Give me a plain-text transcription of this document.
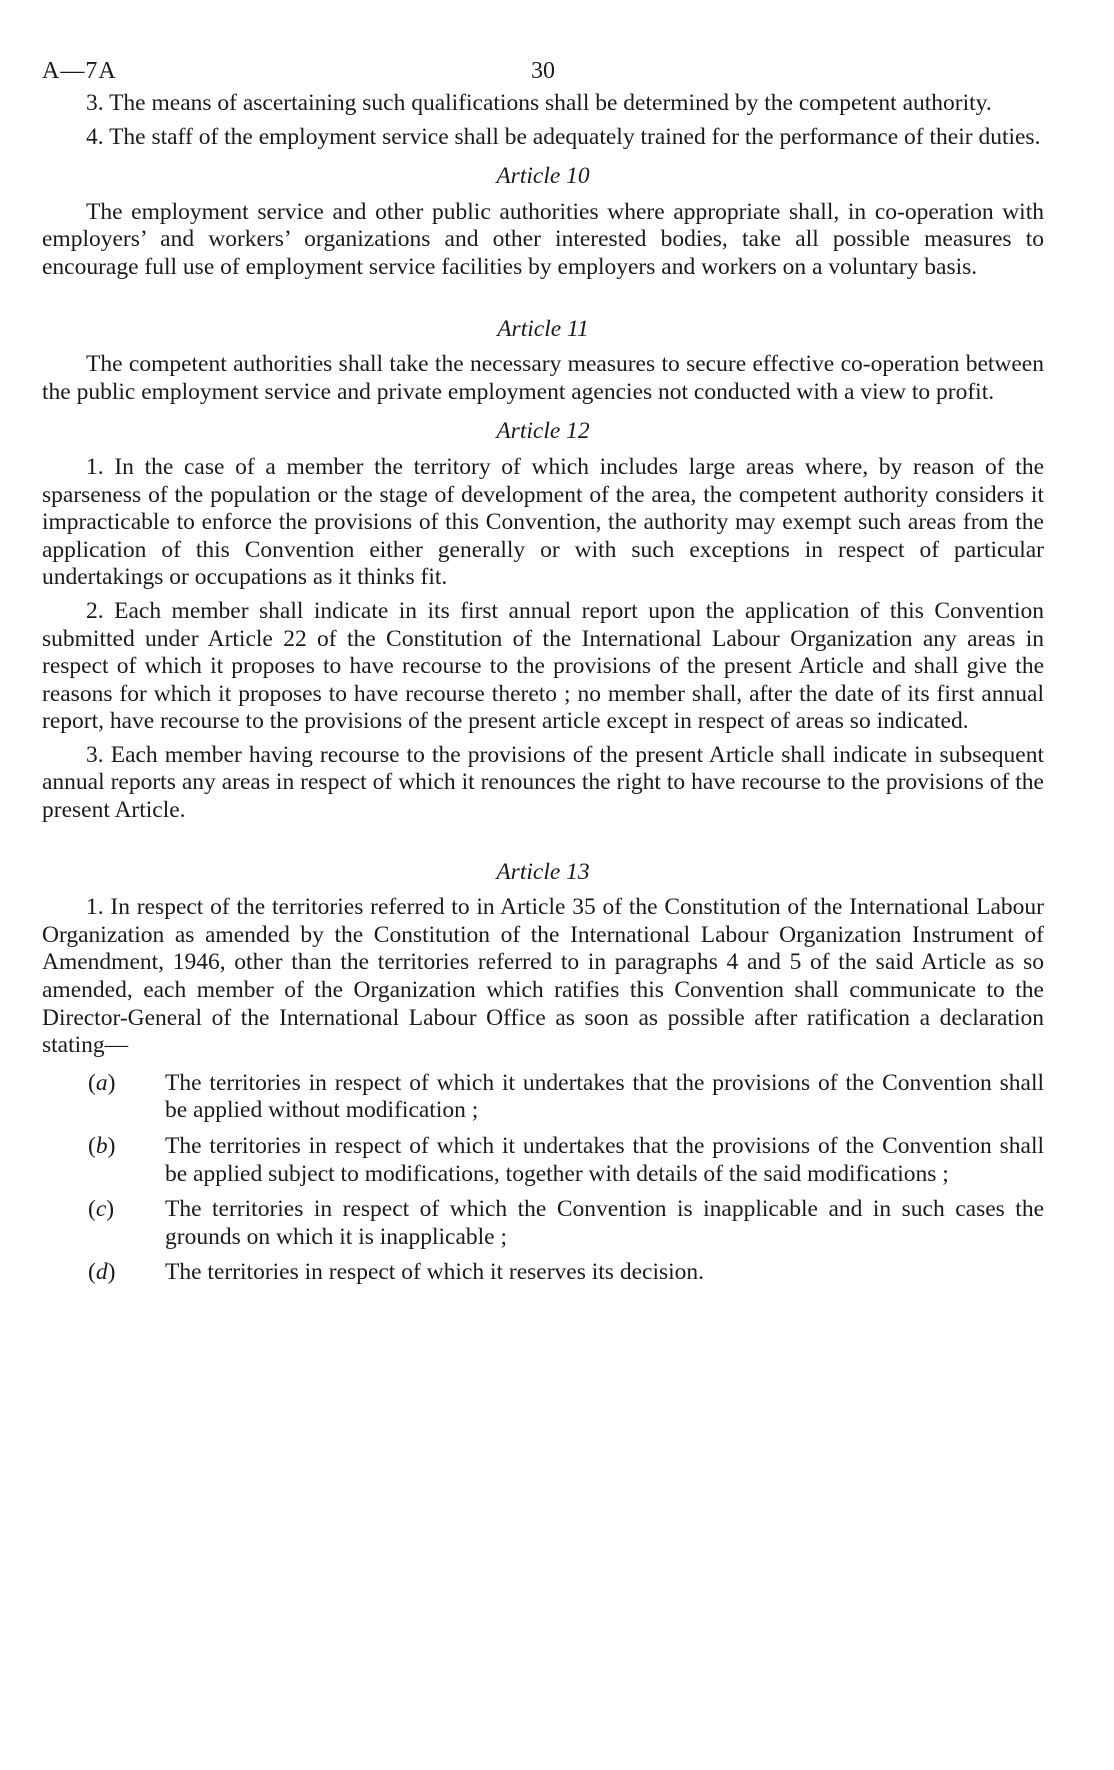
A—7A	30

3. The means of ascertaining such qualifications shall be determined by the competent authority.

4. The staff of the employment service shall be adequately trained for the performance of their duties.

Article 10

The employment service and other public authorities where appropriate shall, in co-operation with employers’ and workers’ organizations and other interested bodies, take all possible measures to encourage full use of employment service facilities by employers and workers on a voluntary basis.

Article 11

The competent authorities shall take the necessary measures to secure effective co-operation between the public employment service and private employment agencies not conducted with a view to profit.

Article 12

1. In the case of a member the territory of which includes large areas where, by reason of the sparseness of the population or the stage of development of the area, the competent authority considers it impracticable to enforce the provisions of this Convention, the authority may exempt such areas from the application of this Convention either generally or with such exceptions in respect of particular undertakings or occupations as it thinks fit.

2. Each member shall indicate in its first annual report upon the application of this Convention submitted under Article 22 of the Constitution of the International Labour Organization any areas in respect of which it proposes to have recourse to the provisions of the present Article and shall give the reasons for which it proposes to have recourse thereto ; no member shall, after the date of its first annual report, have recourse to the provisions of the present article except in respect of areas so indicated.

3. Each member having recourse to the provisions of the present Article shall indicate in subsequent annual reports any areas in respect of which it renounces the right to have recourse to the provisions of the present Article.

Article 13

1. In respect of the territories referred to in Article 35 of the Constitution of the International Labour Organization as amended by the Constitution of the International Labour Organization Instrument of Amendment, 1946, other than the territories referred to in paragraphs 4 and 5 of the said Article as so amended, each member of the Organization which ratifies this Convention shall communicate to the Director-General of the International Labour Office as soon as possible after ratification a declaration stating—

(a) The territories in respect of which it undertakes that the provisions of the Convention shall be applied without modification ;
(b) The territories in respect of which it undertakes that the provisions of the Convention shall be applied subject to modifications, together with details of the said modifications ;
(c) The territories in respect of which the Convention is inapplicable and in such cases the grounds on which it is inapplicable ;
(d) The territories in respect of which it reserves its decision.
